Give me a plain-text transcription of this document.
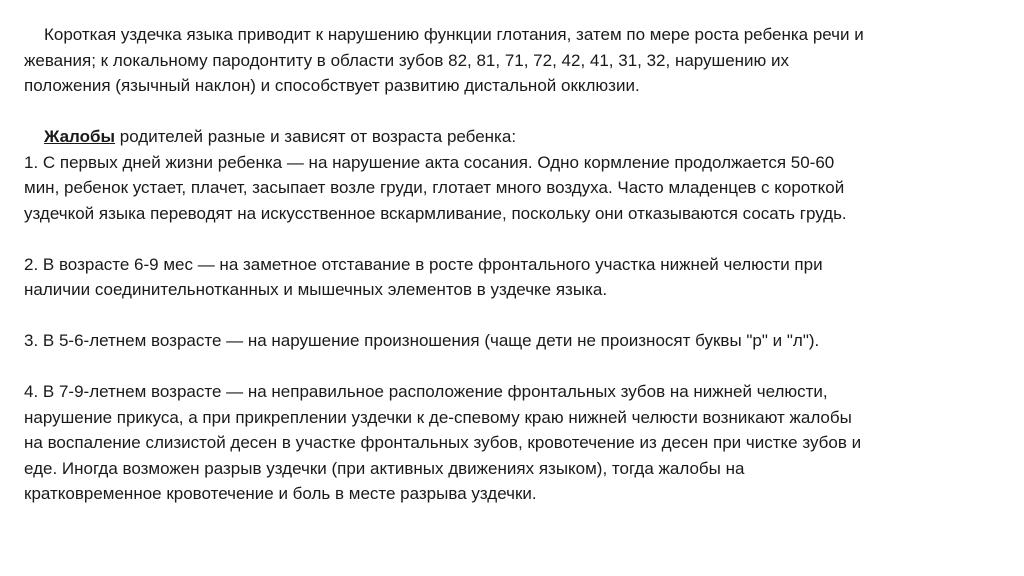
Короткая уздечка языка приводит к нарушению функции глотания, затем по мере роста ребенка речи и
жевания; к локальному пародонтиту в области зубов 82, 81, 71, 72, 42, 41, 31, 32, нарушению их
положения (язычный наклон) и способствует развитию дистальной окклюзии.
Жалобы родителей разные и зависят от возраста ребенка:
1. С первых дней жизни ребенка — на нарушение акта сосания. Одно кормление продолжается 50-60
мин, ребенок устает, плачет, засыпает возле груди, глотает много воздуха. Часто младенцев с короткой
уздечкой языка переводят на искусственное вскармливание, поскольку они отказываются сосать грудь.
2. В возрасте 6-9 мес — на заметное отставание в росте фронтального участка нижней челюсти при
наличии соединительнотканных и мышечных элементов в уздечке языка.
3. В 5-6-летнем возрасте — на нарушение произношения (чаще дети не произносят буквы "р" и "л").
4. В 7-9-летнем возрасте — на неправильное расположение фронтальных зубов на нижней челюсти,
нарушение прикуса, а при прикреплении уздечки к де-спевому краю нижней челюсти возникают жалобы
на воспаление слизистой десен в участке фронтальных зубов, кровотечение из десен при чистке зубов и
еде. Иногда возможен разрыв уздечки (при активных движениях языком), тогда жалобы на
кратковременное кровотечение и боль в месте разрыва уздечки.
